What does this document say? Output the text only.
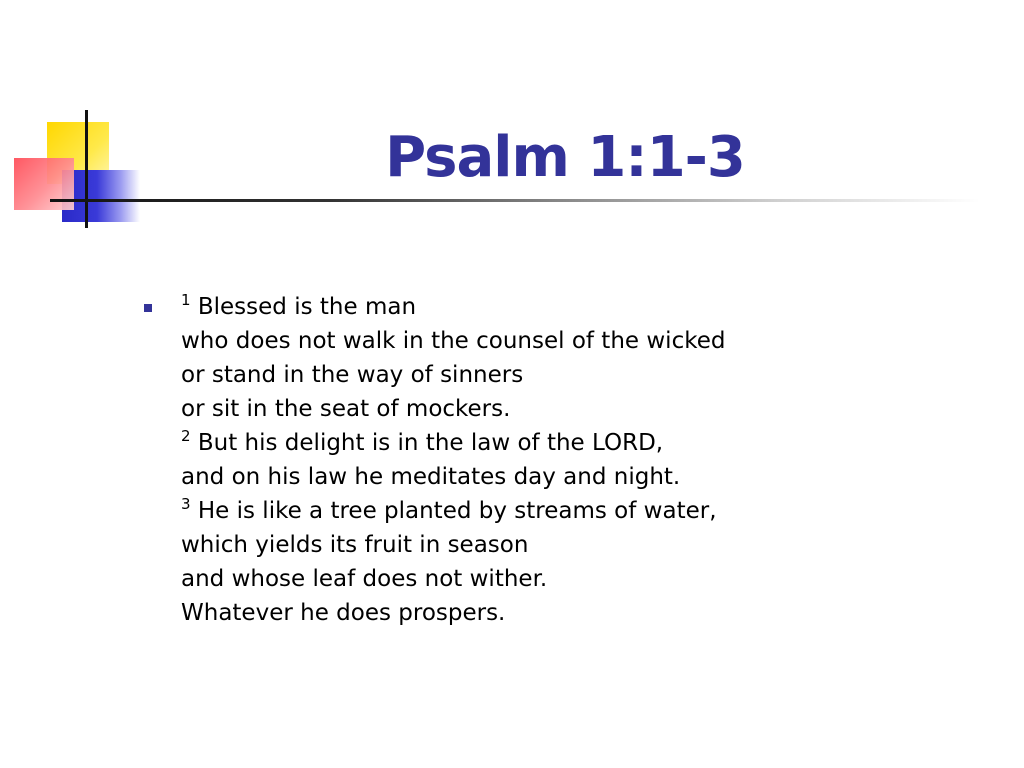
Psalm 1:1-3
$^1$ Blessed is the man
who does not walk in the counsel of the wicked
or stand in the way of sinners
or sit in the seat of mockers.
$^2$ But his delight is in the law of the LORD,
and on his law he meditates day and night.
$^3$ He is like a tree planted by streams of water,
which yields its fruit in season
and whose leaf does not wither.
Whatever he does prospers.
